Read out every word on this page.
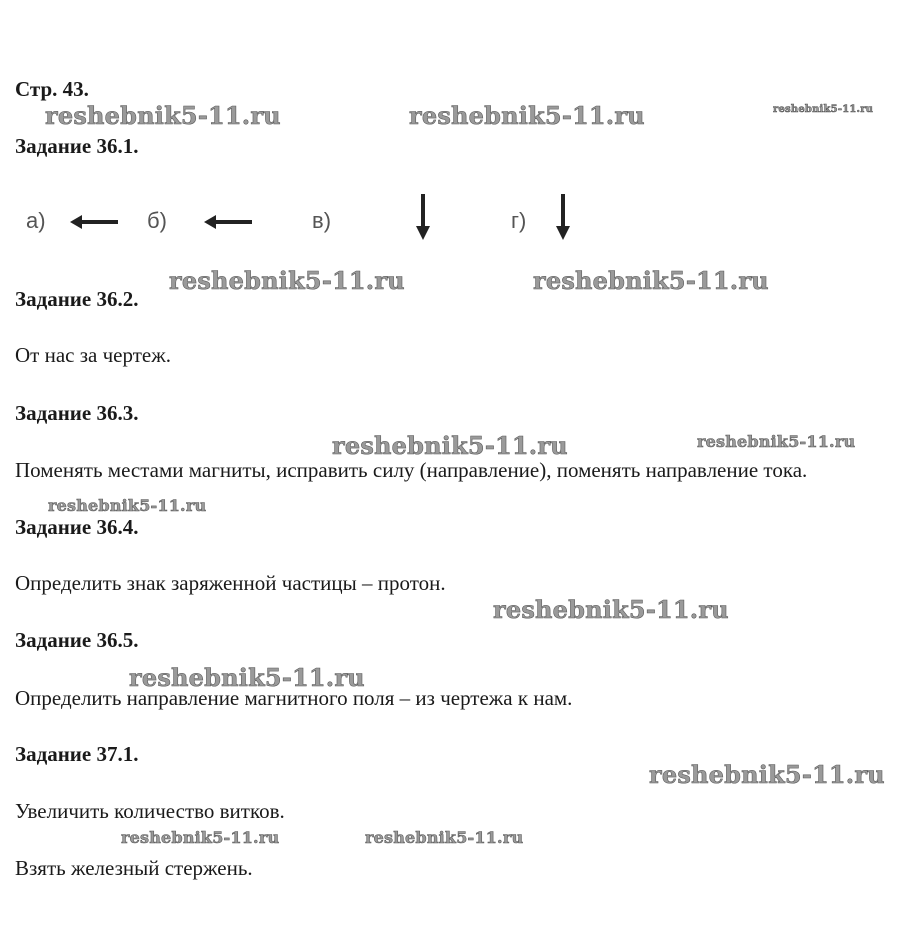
Стр. 43.
reshebnik5-11.ru	reshebnik5-11.ru	reshebnik5-11.ru
Задание 36.1.
а)	б)	в)	г)
reshebnik5-11.ru	reshebnik5-11.ru
Задание 36.2.
От нас за чертеж.
Задание 36.3.
reshebnik5-11.ru	reshebnik5-11.ru
Поменять местами магниты, исправить силу (направление), поменять направление тока.
reshebnik5-11.ru
Задание 36.4.
Определить знак заряженной частицы – протон.
reshebnik5-11.ru
Задание 36.5.
Определить направление магнитного поля – из чертежа к нам.
reshebnik5-11.ru
Задание 37.1.
reshebnik5-11.ru
Увеличить количество витков.
reshebnik5-11.ru	reshebnik5-11.ru
Взять железный стержень.
